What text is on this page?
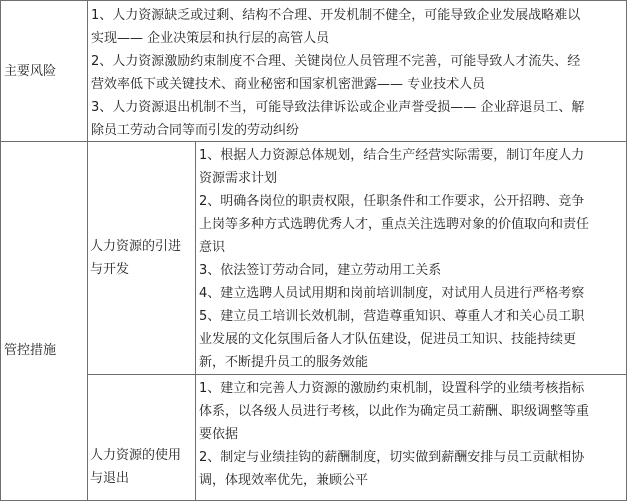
主要风险
1、人力资源缺乏或过剩、结构不合理、开发机制不健全，可能导致企业发展战略难以
实现—— 企业决策层和执行层的高管人员
2、人力资源激励约束制度不合理、关键岗位人员管理不完善，可能导致人才流失、经
营效率低下或关键技术、商业秘密和国家机密泄露—— 专业技术人员
3、人力资源退出机制不当，可能导致法律诉讼或企业声誉受损—— 企业辞退员工、解
除员工劳动合同等而引发的劳动纠纷
管控措施
人力资源的引进
与开发
1、根据人力资源总体规划，结合生产经营实际需要，制订年度人力
资源需求计划
2、明确各岗位的职责权限，任职条件和工作要求，公开招聘、竞争
上岗等多种方式选聘优秀人才，重点关注选聘对象的价值取向和责任
意识
3、依法签订劳动合同，建立劳动用工关系
4、建立选聘人员试用期和岗前培训制度，对试用人员进行严格考察
5、建立员工培训长效机制，营造尊重知识、尊重人才和关心员工职
业发展的文化氛围后备人才队伍建设，促进员工知识、技能持续更
新，不断提升员工的服务效能
人力资源的使用
与退出
1、建立和完善人力资源的激励约束机制，设置科学的业绩考核指标
体系，以各级人员进行考核，以此作为确定员工薪酬、职级调整等重
要依据
2、制定与业绩挂钩的薪酬制度，切实做到薪酬安排与员工贡献相协
调，体现效率优先，兼顾公平
